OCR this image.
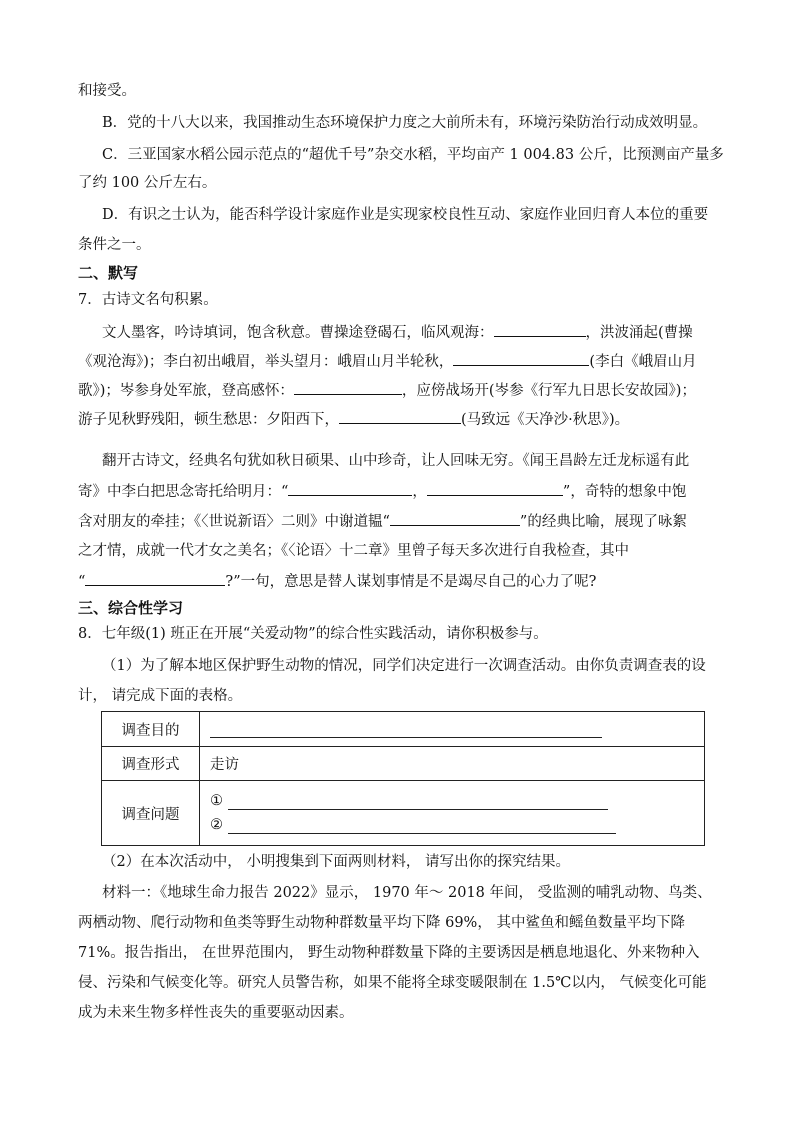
和接受。
B．党的十八大以来，我国推动生态环境保护力度之大前所未有，环境污染防治行动成效明显。
C．三亚国家水稻公园示范点的“超优千号”杂交水稻，平均亩产 1 004.83 公斤，比预测亩产量多
了约 100 公斤左右。
D．有识之士认为，能否科学设计家庭作业是实现家校良性互动、家庭作业回归育人本位的重要
条件之一。
二、默写
7．古诗文名句积累。
文人墨客，吟诗填词，饱含秋意。曹操途登碣石，临风观海：	，洪波涌起(曹操
《观沧海》)；李白初出峨眉，举头望月：峨眉山月半轮秋，	(李白《峨眉山月
歌》)；岑参身处军旅，登高感怀：	，应傍战场开(岑参《行军九日思长安故园》)；
游子见秋野残阳，顿生愁思：夕阳西下，	(马致远《天净沙·秋思》)。
翻开古诗文，经典名句犹如秋日硕果、山中珍奇，让人回味无穷。《闻王昌龄左迁龙标遥有此
寄》中李白把思念寄托给明月：“	，	”，奇特的想象中饱
含对朋友的牵挂；《〈世说新语〉二则》中谢道韫“	”的经典比喻，展现了咏絮
之才情，成就一代才女之美名；《〈论语〉十二章》里曾子每天多次进行自我检查，其中
“	?”一句，意思是替人谋划事情是不是竭尽自己的心力了呢?
三、综合性学习
8．七年级(1) 班正在开展“关爱动物”的综合性实践活动，请你积极参与。
（1）为了解本地区保护野生动物的情况，同学们决定进行一次调查活动。由你负责调查表的设
计， 请完成下面的表格。
调查目的	
调查形式	走访
调查问题	①
②
（2）在本次活动中， 小明搜集到下面两则材料， 请写出你的探究结果。
材料一：《地球生命力报告 2022》显示， 1970 年～ 2018 年间， 受监测的哺乳动物、鸟类、
两栖动物、爬行动物和鱼类等野生动物种群数量平均下降 69%， 其中鲨鱼和鳐鱼数量平均下降
71%。报告指出， 在世界范围内， 野生动物种群数量下降的主要诱因是栖息地退化、外来物种入
侵、污染和气候变化等。研究人员警告称，如果不能将全球变暖限制在 1.5℃以内， 气候变化可能
成为未来生物多样性丧失的重要驱动因素。
